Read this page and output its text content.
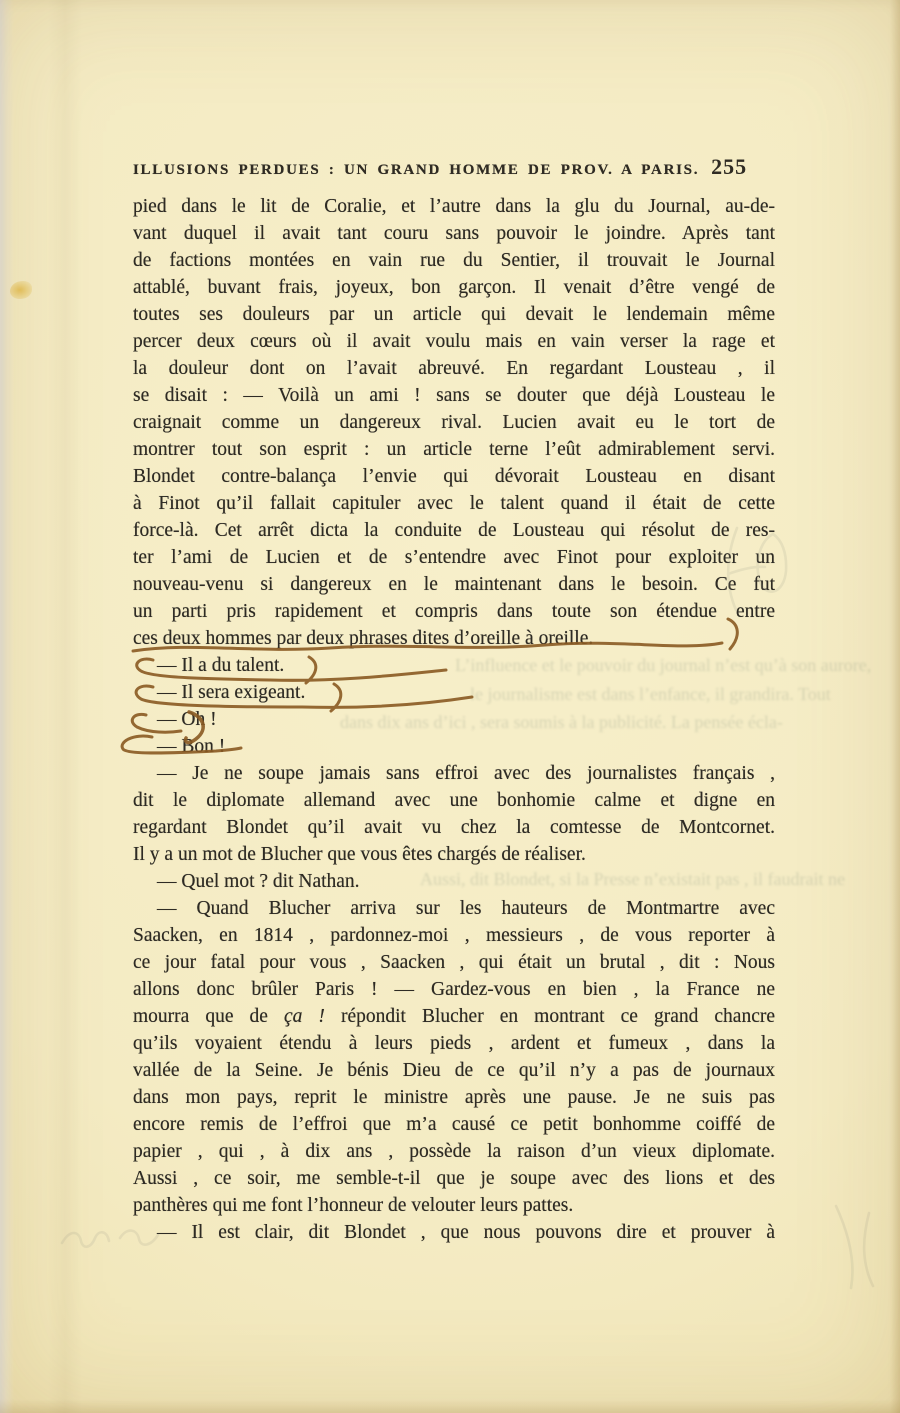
ILLUSIONS PERDUES : UN GRAND HOMME DE PROV. A PARIS. 255
pied dans le lit de Coralie, et l’autre dans la glu du Journal, au-de-
vant duquel il avait tant couru sans pouvoir le joindre. Après tant
de factions montées en vain rue du Sentier, il trouvait le Journal
attablé, buvant frais, joyeux, bon garçon. Il venait d’être vengé de
toutes ses douleurs par un article qui devait le lendemain même
percer deux cœurs où il avait voulu mais en vain verser la rage et
la douleur dont on l’avait abreuvé. En regardant Lousteau , il
se disait : — Voilà un ami ! sans se douter que déjà Lousteau le
craignait comme un dangereux rival. Lucien avait eu le tort de
montrer tout son esprit : un article terne l’eût admirablement servi.
Blondet contre-balança l’envie qui dévorait Lousteau en disant
à Finot qu’il fallait capituler avec le talent quand il était de cette
force-là. Cet arrêt dicta la conduite de Lousteau qui résolut de res-
ter l’ami de Lucien et de s’entendre avec Finot pour exploiter un
nouveau-venu si dangereux en le maintenant dans le besoin. Ce fut
un parti pris rapidement et compris dans toute son étendue entre
ces deux hommes par deux phrases dites d’oreille à oreille.
— Il a du talent.
— Il sera exigeant.
— Oh !
— Bon !
— Je ne soupe jamais sans effroi avec des journalistes français ,
dit le diplomate allemand avec une bonhomie calme et digne en
regardant Blondet qu’il avait vu chez la comtesse de Montcornet.
Il y a un mot de Blucher que vous êtes chargés de réaliser.
— Quel mot ? dit Nathan.
— Quand Blucher arriva sur les hauteurs de Montmartre avec
Saacken, en 1814 , pardonnez-moi , messieurs , de vous reporter à
ce jour fatal pour vous , Saacken , qui était un brutal , dit : Nous
allons donc brûler Paris ! — Gardez-vous en bien , la France ne
mourra que de ça ! répondit Blucher en montrant ce grand chancre
qu’ils voyaient étendu à leurs pieds , ardent et fumeux , dans la
vallée de la Seine. Je bénis Dieu de ce qu’il n’y a pas de journaux
dans mon pays, reprit le ministre après une pause. Je ne suis pas
encore remis de l’effroi que m’a causé ce petit bonhomme coiffé de
papier , qui , à dix ans , possède la raison d’un vieux diplomate.
Aussi , ce soir, me semble-t-il que je soupe avec des lions et des
panthères qui me font l’honneur de velouter leurs pattes.
— Il est clair, dit Blondet , que nous pouvons dire et prouver à
L’influence et le pouvoir du journal n’est qu’à son aurore,
le journalisme est dans l’enfance, il grandira. Tout
dans dix ans d’ici , sera soumis à la publicité. La pensée écla-
Aussi, dit Blondet, si la Presse n’existait pas , il faudrait ne
